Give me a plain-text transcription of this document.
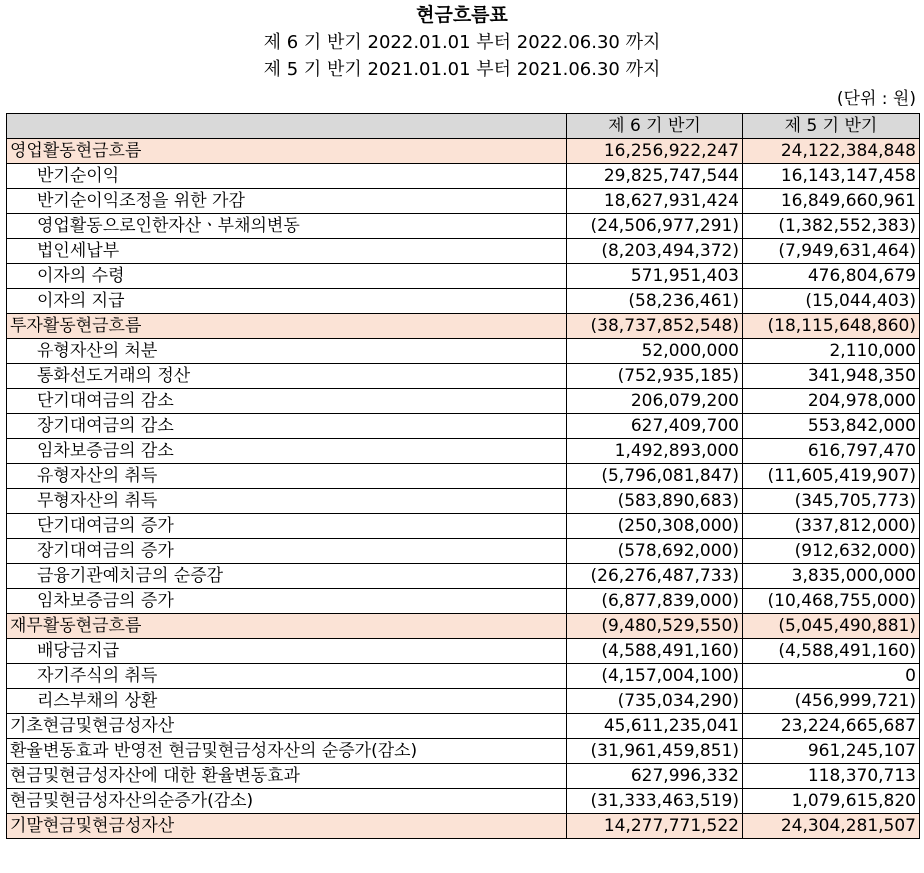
현금흐름표
제 6 기 반기 2022.01.01 부터 2022.06.30 까지
제 5 기 반기 2021.01.01 부터 2021.06.30 까지
(단위 : 원)
	제 6 기 반기	제 5 기 반기
영업활동현금흐름	16,256,922,247	24,122,384,848
반기순이익	29,825,747,544	16,143,147,458
반기순이익조정을 위한 가감	18,627,931,424	16,849,660,961
영업활동으로인한자산ㆍ부채의변동	(24,506,977,291)	(1,382,552,383)
법인세납부	(8,203,494,372)	(7,949,631,464)
이자의 수령	571,951,403	476,804,679
이자의 지급	(58,236,461)	(15,044,403)
투자활동현금흐름	(38,737,852,548)	(18,115,648,860)
유형자산의 처분	52,000,000	2,110,000
통화선도거래의 정산	(752,935,185)	341,948,350
단기대여금의 감소	206,079,200	204,978,000
장기대여금의 감소	627,409,700	553,842,000
임차보증금의 감소	1,492,893,000	616,797,470
유형자산의 취득	(5,796,081,847)	(11,605,419,907)
무형자산의 취득	(583,890,683)	(345,705,773)
단기대여금의 증가	(250,308,000)	(337,812,000)
장기대여금의 증가	(578,692,000)	(912,632,000)
금융기관예치금의 순증감	(26,276,487,733)	3,835,000,000
임차보증금의 증가	(6,877,839,000)	(10,468,755,000)
재무활동현금흐름	(9,480,529,550)	(5,045,490,881)
배당금지급	(4,588,491,160)	(4,588,491,160)
자기주식의 취득	(4,157,004,100)	0
리스부채의 상환	(735,034,290)	(456,999,721)
기초현금및현금성자산	45,611,235,041	23,224,665,687
환율변동효과 반영전 현금및현금성자산의 순증가(감소)	(31,961,459,851)	961,245,107
현금및현금성자산에 대한 환율변동효과	627,996,332	118,370,713
현금및현금성자산의순증가(감소)	(31,333,463,519)	1,079,615,820
기말현금및현금성자산	14,277,771,522	24,304,281,507
